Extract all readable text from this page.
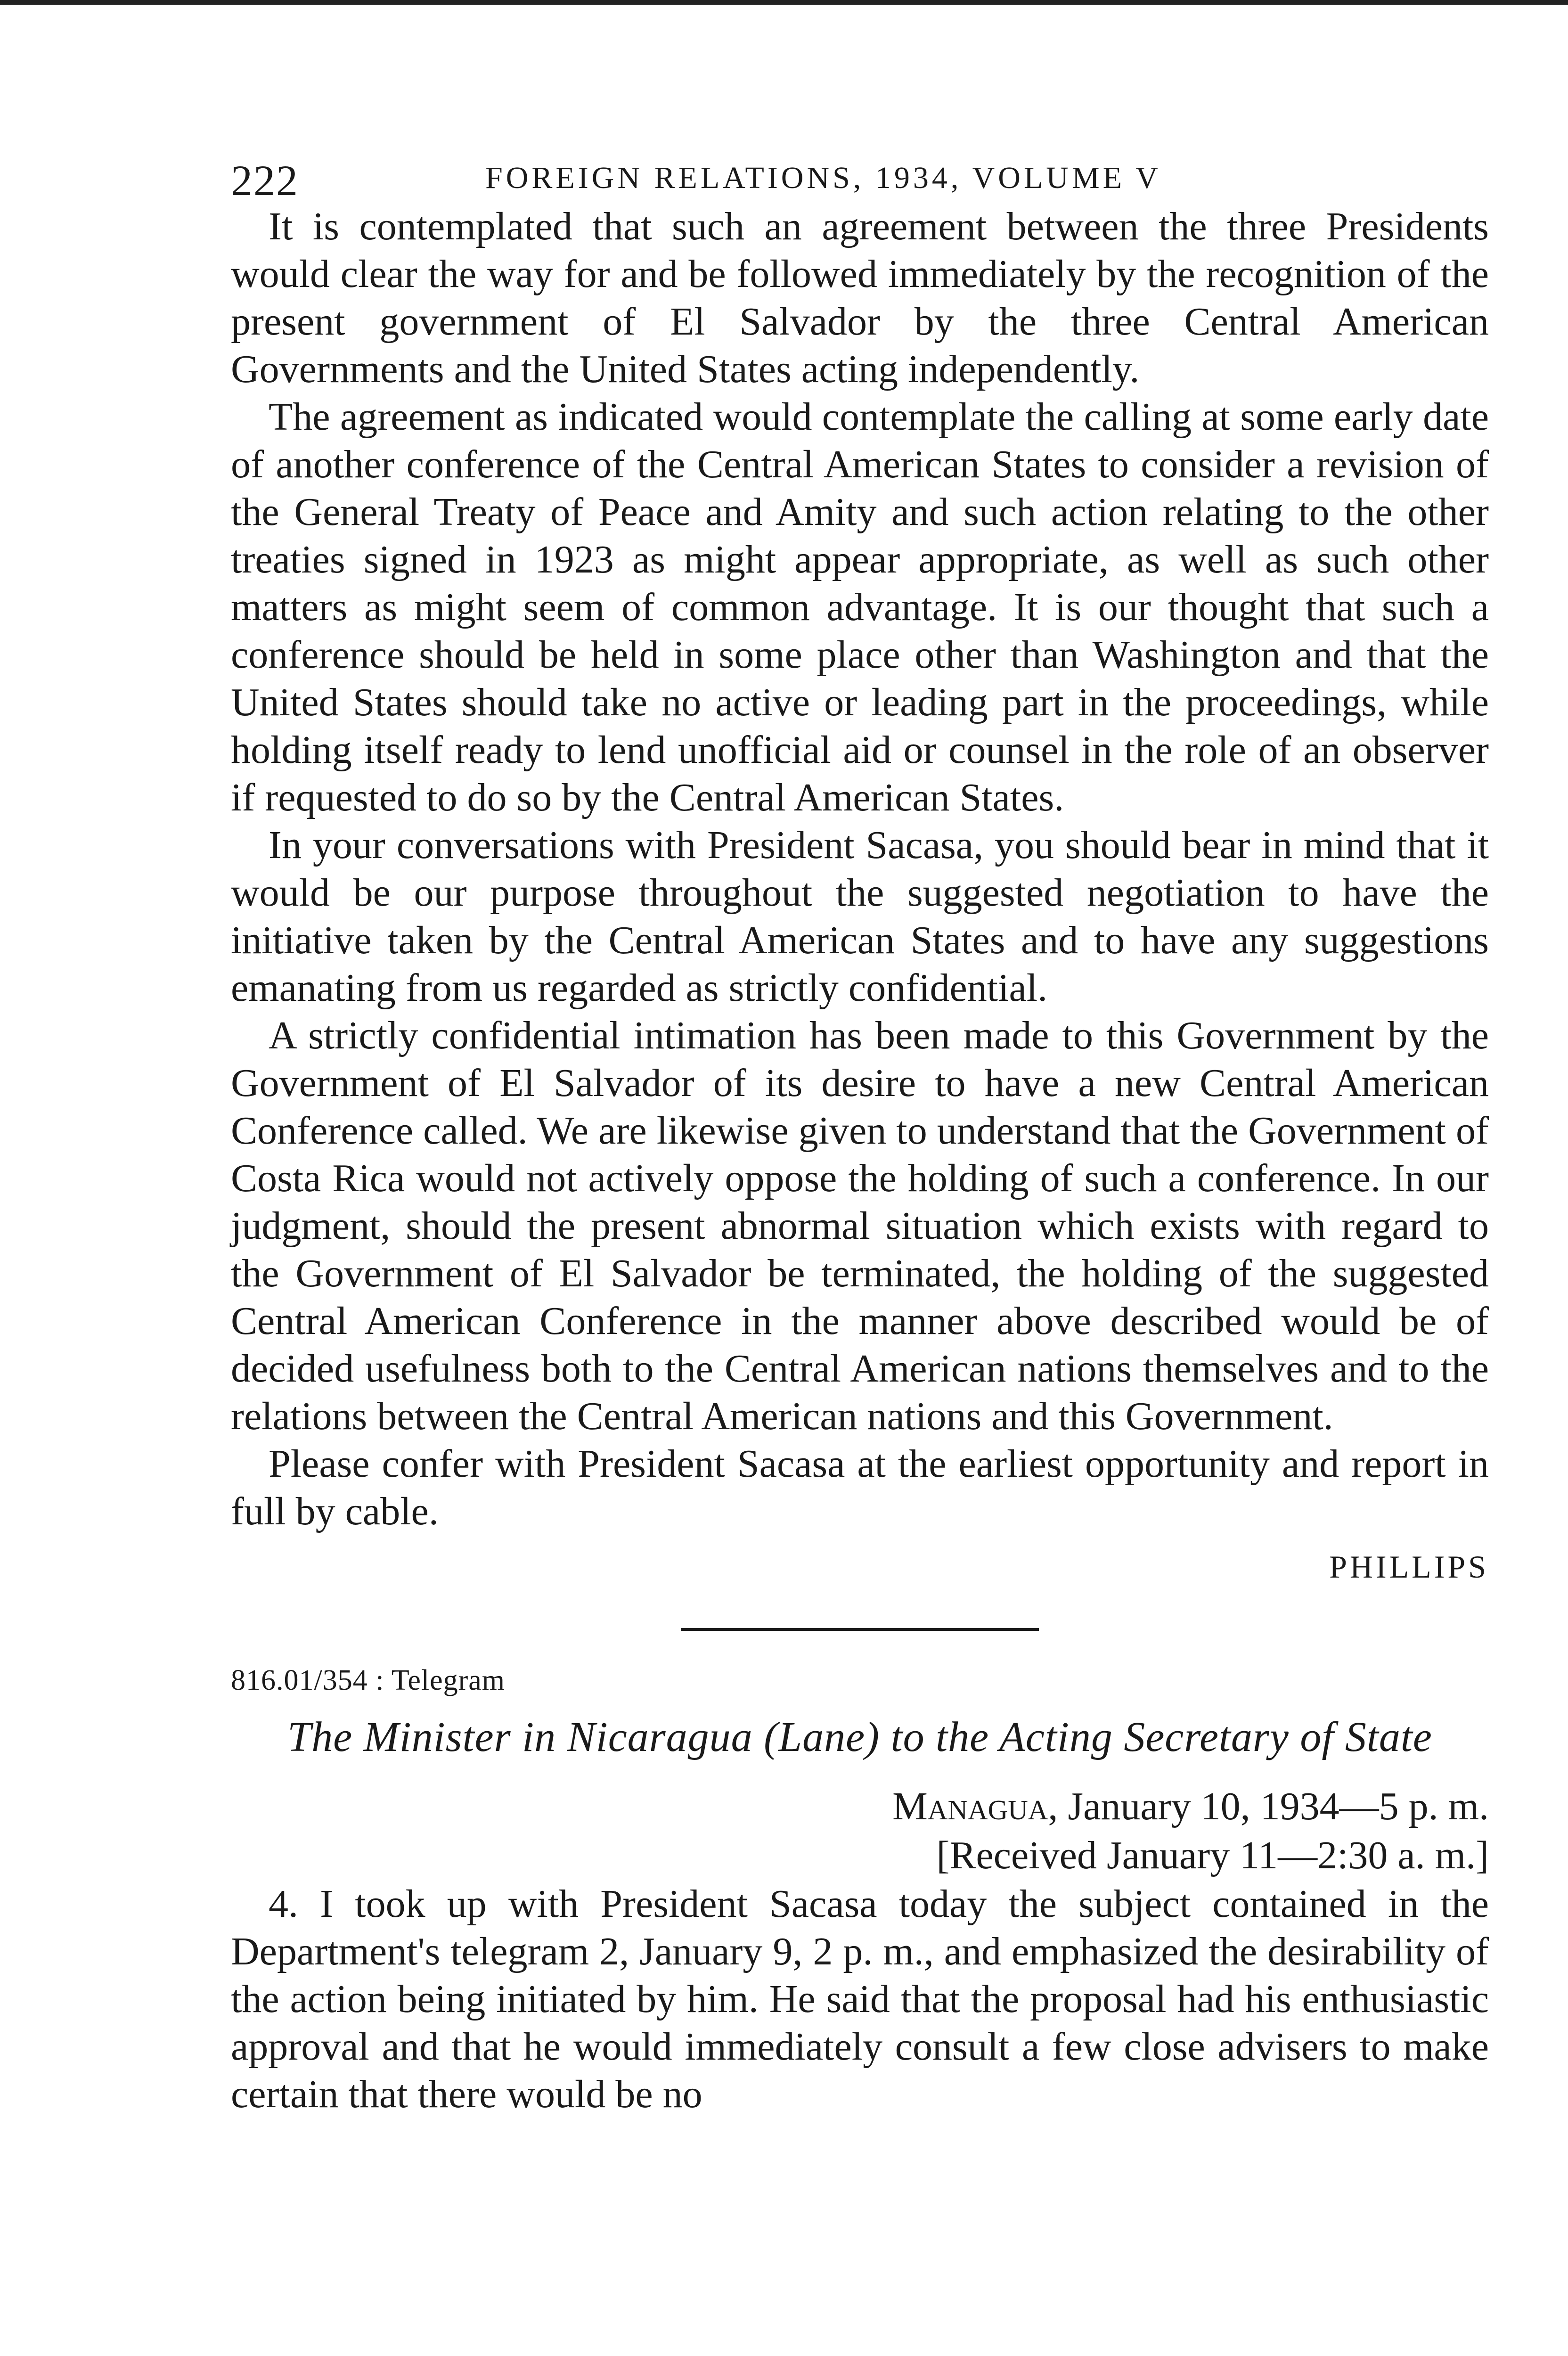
222	FOREIGN RELATIONS, 1934, VOLUME V

It is contemplated that such an agreement between the three Presidents would clear the way for and be followed immediately by the recognition of the present government of El Salvador by the three Central American Governments and the United States acting independently.

The agreement as indicated would contemplate the calling at some early date of another conference of the Central American States to consider a revision of the General Treaty of Peace and Amity and such action relating to the other treaties signed in 1923 as might appear appropriate, as well as such other matters as might seem of common advantage. It is our thought that such a conference should be held in some place other than Washington and that the United States should take no active or leading part in the proceedings, while holding itself ready to lend unofficial aid or counsel in the role of an observer if requested to do so by the Central American States.

In your conversations with President Sacasa, you should bear in mind that it would be our purpose throughout the suggested negotiation to have the initiative taken by the Central American States and to have any suggestions emanating from us regarded as strictly confidential.

A strictly confidential intimation has been made to this Government by the Government of El Salvador of its desire to have a new Central American Conference called. We are likewise given to understand that the Government of Costa Rica would not actively oppose the holding of such a conference. In our judgment, should the present abnormal situation which exists with regard to the Government of El Salvador be terminated, the holding of the suggested Central American Conference in the manner above described would be of decided usefulness both to the Central American nations themselves and to the relations between the Central American nations and this Government.

Please confer with President Sacasa at the earliest opportunity and report in full by cable.

PHILLIPS
816.01/354 : Telegram
The Minister in Nicaragua (Lane) to the Acting Secretary of State
Managua, January 10, 1934—5 p. m.
[Received January 11—2:30 a. m.]

4. I took up with President Sacasa today the subject contained in the Department's telegram 2, January 9, 2 p. m., and emphasized the desirability of the action being initiated by him. He said that the proposal had his enthusiastic approval and that he would immediately consult a few close advisers to make certain that there would be no
